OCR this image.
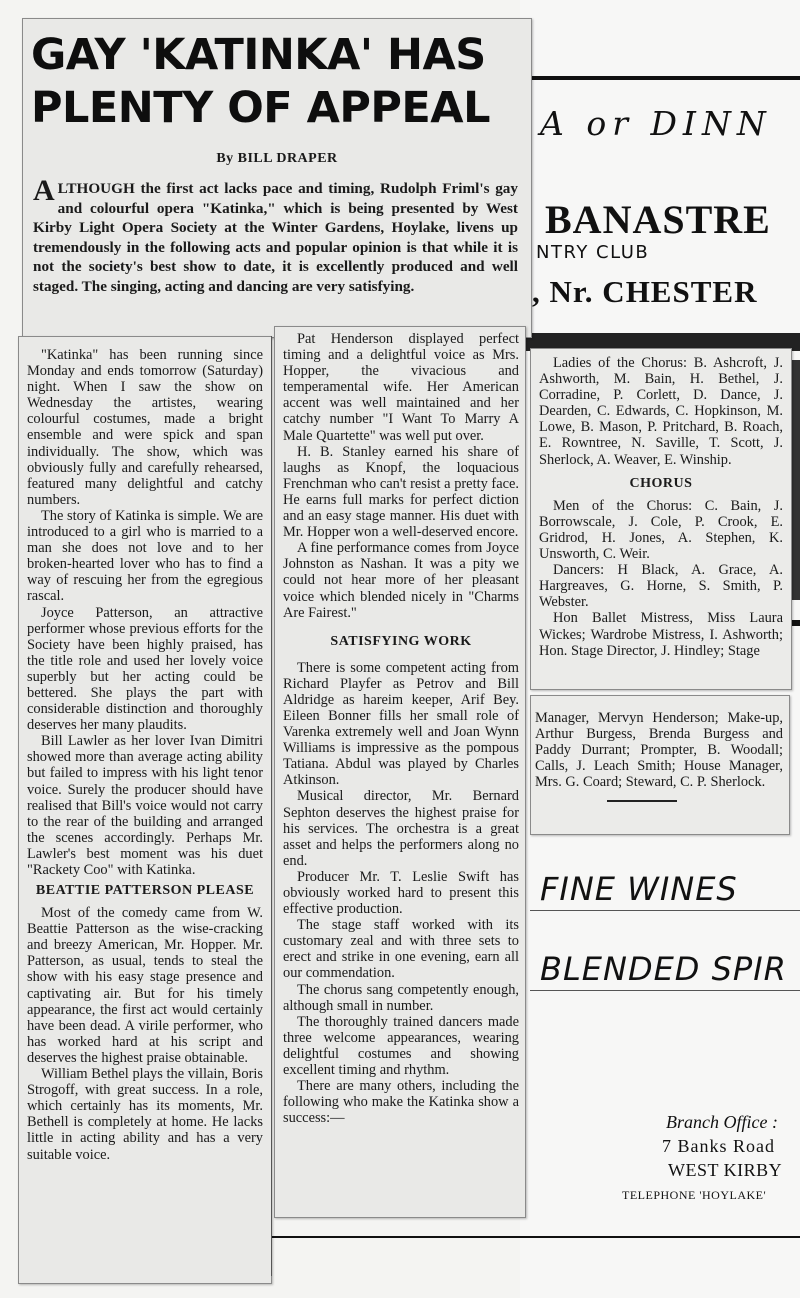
A or DINN
BANASTRE
NTRY CLUB
, Nr. CHESTER
FINE WINES
BLENDED SPIR
Branch Office :
7 Banks Road
WEST KIRBY
TELEPHONE 'HOYLAKE'
GAY 'KATINKA' HAS PLENTY OF APPEAL
By BILL DRAPER

ALTHOUGH the first act lacks pace and timing, Rudolph Friml's gay and colourful opera "Katinka," which is being presented by West Kirby Light Opera Society at the Winter Gardens, Hoylake, livens up tremendously in the following acts and popular opinion is that while it is not the society's best show to date, it is excellently produced and well staged. The singing, acting and dancing are very satisfying.

"Katinka" has been running since Monday and ends tomorrow (Saturday) night. When I saw the show on Wednesday the artistes, wearing colourful costumes, made a bright ensemble and were spick and span individually. The show, which was obviously fully and carefully rehearsed, featured many delightful and catchy numbers.

The story of Katinka is simple. We are introduced to a girl who is married to a man she does not love and to her broken-hearted lover who has to find a way of rescuing her from the egregious rascal.

Joyce Patterson, an attractive performer whose previous efforts for the Society have been highly praised, has the title role and used her lovely voice superbly but her acting could be bettered. She plays the part with considerable distinction and thoroughly deserves her many plaudits.

Bill Lawler as her lover Ivan Dimitri showed more than average acting ability but failed to impress with his light tenor voice. Surely the producer should have realised that Bill's voice would not carry to the rear of the building and arranged the scenes accordingly. Perhaps Mr. Lawler's best moment was his duet "Rackety Coo" with Katinka.

BEATTIE PATTERSON PLEASE

Most of the comedy came from W. Beattie Patterson as the wise-cracking and breezy American, Mr. Hopper. Mr. Patterson, as usual, tends to steal the show with his easy stage presence and captivating air. But for his timely appearance, the first act would certainly have been dead. A virile performer, who has worked hard at his script and deserves the highest praise obtainable.

William Bethel plays the villain, Boris Strogoff, with great success. In a role, which certainly has its moments, Mr. Bethell is completely at home. He lacks little in acting ability and has a very suitable voice.

Pat Henderson displayed perfect timing and a delightful voice as Mrs. Hopper, the vivacious and temperamental wife. Her American accent was well maintained and her catchy number "I Want To Marry A Male Quartette" was well put over.

H. B. Stanley earned his share of laughs as Knopf, the loquacious Frenchman who can't resist a pretty face. He earns full marks for perfect diction and an easy stage manner. His duet with Mr. Hopper won a well-deserved encore.

A fine performance comes from Joyce Johnston as Nashan. It was a pity we could not hear more of her pleasant voice which blended nicely in "Charms Are Fairest."

SATISFYING WORK

There is some competent acting from Richard Playfer as Petrov and Bill Aldridge as hareim keeper, Arif Bey. Eileen Bonner fills her small role of Varenka extremely well and Joan Wynn Williams is impressive as the pompous Tatiana. Abdul was played by Charles Atkinson.

Musical director, Mr. Bernard Sephton deserves the highest praise for his services. The orchestra is a great asset and helps the performers along no end.

Producer Mr. T. Leslie Swift has obviously worked hard to present this effective production.

The stage staff worked with its customary zeal and with three sets to erect and strike in one evening, earn all our commendation.

The chorus sang competently enough, although small in number.

The thoroughly trained dancers made three welcome appearances, wearing delightful costumes and showing excellent timing and rhythm.

There are many others, including the following who make the Katinka show a success:—

Ladies of the Chorus: B. Ashcroft, J. Ashworth, M. Bain, H. Bethel, J. Corradine, P. Corlett, D. Dance, J. Dearden, C. Edwards, C. Hopkinson, M. Lowe, B. Mason, P. Pritchard, B. Roach, E. Rowntree, N. Saville, T. Scott, J. Sherlock, A. Weaver, E. Winship.

CHORUS

Men of the Chorus: C. Bain, J. Borrowscale, J. Cole, P. Crook, E. Gridrod, H. Jones, A. Stephen, K. Unsworth, C. Weir.

Dancers: H Black, A. Grace, A. Hargreaves, G. Horne, S. Smith, P. Webster.

Hon Ballet Mistress, Miss Laura Wickes; Wardrobe Mistress, I. Ashworth; Hon. Stage Director, J. Hindley; Stage

Manager, Mervyn Henderson; Make-up, Arthur Burgess, Brenda Burgess and Paddy Durrant; Prompter, B. Woodall; Calls, J. Leach Smith; House Manager, Mrs. G. Coard; Steward, C. P. Sherlock.
